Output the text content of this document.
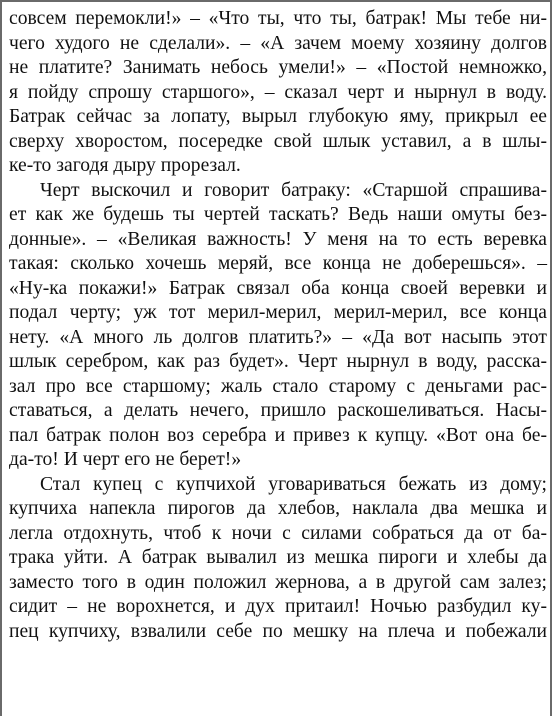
совсем перемокли!» – «Что ты, что ты, батрак! Мы тебе ни-
чего худого не сделали». – «А зачем моему хозяину долгов
не платите? Занимать небось умели!» – «Постой немножко,
я пойду спрошу старшого», – сказал черт и нырнул в воду.
Батрак сейчас за лопату, вырыл глубокую яму, прикрыл ее
сверху хворостом, посередке свой шлык уставил, а в шлы-
ке-то загодя дыру прорезал.
Черт выскочил и говорит батраку: «Старшой спрашива-
ет как же будешь ты чертей таскать? Ведь наши омуты без-
донные». – «Великая важность! У меня на то есть веревка
такая: сколько хочешь меряй, все конца не доберешься». –
«Ну-ка покажи!» Батрак связал оба конца своей веревки и
подал черту; уж тот мерил-мерил, мерил-мерил, все конца
нету. «А много ль долгов платить?» – «Да вот насыпь этот
шлык серебром, как раз будет». Черт нырнул в воду, расска-
зал про все старшому; жаль стало старому с деньгами рас-
ставаться, а делать нечего, пришло раскошеливаться. Насы-
пал батрак полон воз серебра и привез к купцу. «Вот она бе-
да-то! И черт его не берет!»
Стал купец с купчихой уговариваться бежать из дому;
купчиха напекла пирогов да хлебов, наклала два мешка и
легла отдохнуть, чтоб к ночи с силами собраться да от ба-
трака уйти. А батрак вывалил из мешка пироги и хлебы да
заместо того в один положил жернова, а в другой сам залез;
сидит – не ворохнется, и дух притаил! Ночью разбудил ку-
пец купчиху, взвалили себе по мешку на плеча и побежали
